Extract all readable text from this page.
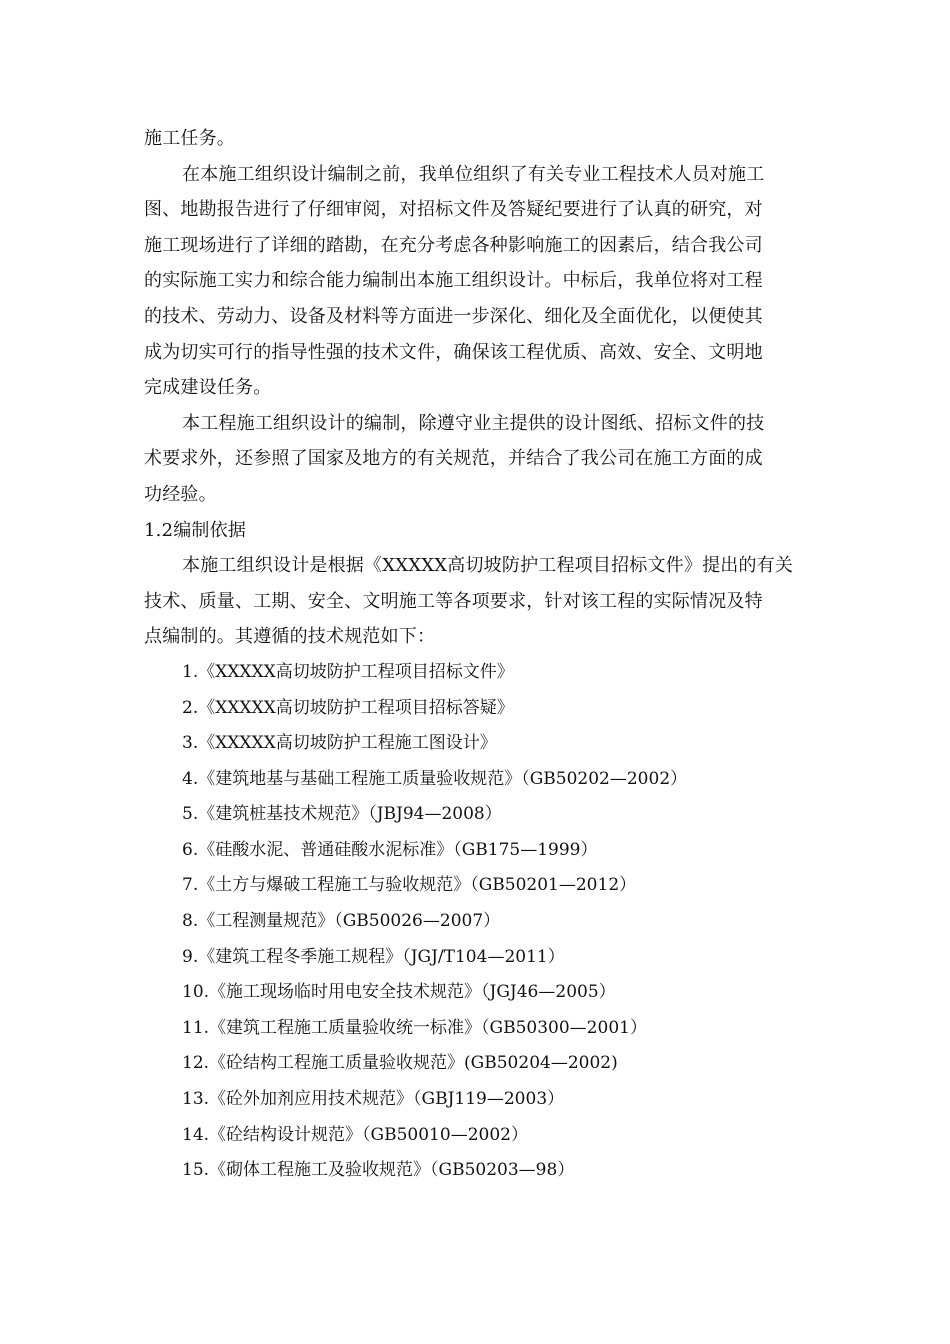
施工任务。
在本施工组织设计编制之前，我单位组织了有关专业工程技术人员对施工
图、地勘报告进行了仔细审阅，对招标文件及答疑纪要进行了认真的研究，对
施工现场进行了详细的踏勘，在充分考虑各种影响施工的因素后，结合我公司
的实际施工实力和综合能力编制出本施工组织设计。中标后，我单位将对工程
的技术、劳动力、设备及材料等方面进一步深化、细化及全面优化，以便使其
成为切实可行的指导性强的技术文件，确保该工程优质、高效、安全、文明地
完成建设任务。
本工程施工组织设计的编制，除遵守业主提供的设计图纸、招标文件的技
术要求外，还参照了国家及地方的有关规范，并结合了我公司在施工方面的成
功经验。
1.2编制依据
本施工组织设计是根据《XXXXX高切坡防护工程项目招标文件》提出的有关
技术、质量、工期、安全、文明施工等各项要求，针对该工程的实际情况及特
点编制的。其遵循的技术规范如下：
1.《XXXXX高切坡防护工程项目招标文件》
2.《XXXXX高切坡防护工程项目招标答疑》
3.《XXXXX高切坡防护工程施工图设计》
4.《建筑地基与基础工程施工质量验收规范》（GB50202—2002）
5.《建筑桩基技术规范》（JBJ94—2008）
6.《硅酸水泥、普通硅酸水泥标准》（GB175—1999）
7.《土方与爆破工程施工与验收规范》（GB50201—2012）
8.《工程测量规范》（GB50026—2007）
9.《建筑工程冬季施工规程》（JGJ/T104—2011）
10.《施工现场临时用电安全技术规范》（JGJ46—2005）
11.《建筑工程施工质量验收统一标准》（GB50300—2001）
12.《砼结构工程施工质量验收规范》(GB50204—2002)
13.《砼外加剂应用技术规范》（GBJ119—2003）
14.《砼结构设计规范》（GB50010—2002）
15.《砌体工程施工及验收规范》（GB50203—98）
